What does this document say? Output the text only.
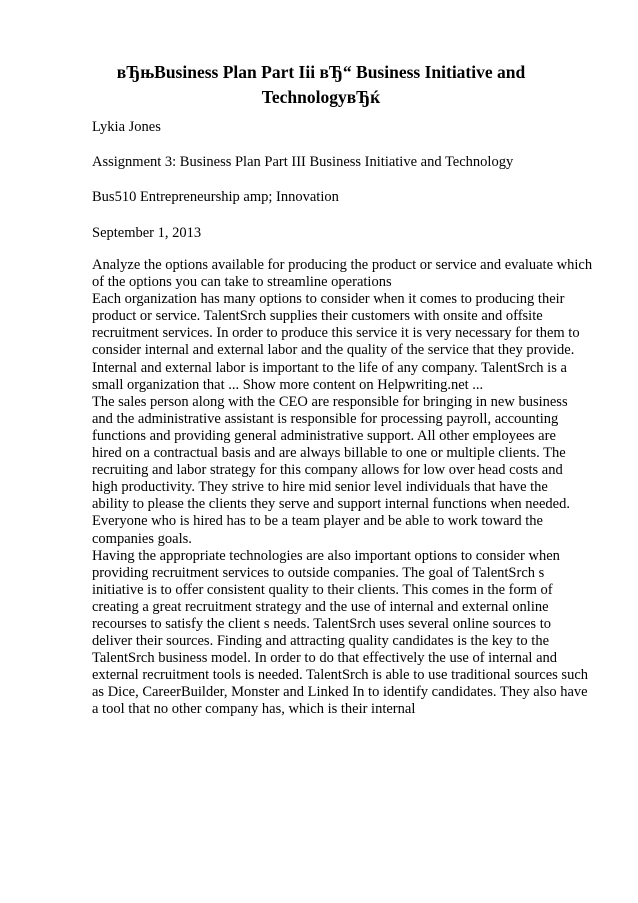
вЂњBusiness Plan Part Iii вЂ“ Business Initiative and
TechnologyвЂќ
Lykia Jones
Assignment 3: Business Plan Part III Business Initiative and Technology
Bus510 Entrepreneurship amp; Innovation
September 1, 2013
Analyze the options available for producing the product or service and evaluate which
of the options you can take to streamline operations
Each organization has many options to consider when it comes to producing their
product or service. TalentSrch supplies their customers with onsite and offsite
recruitment services. In order to produce this service it is very necessary for them to
consider internal and external labor and the quality of the service that they provide.
Internal and external labor is important to the life of any company. TalentSrch is a
small organization that ... Show more content on Helpwriting.net ...
The sales person along with the CEO are responsible for bringing in new business
and the administrative assistant is responsible for processing payroll, accounting
functions and providing general administrative support. All other employees are
hired on a contractual basis and are always billable to one or multiple clients. The
recruiting and labor strategy for this company allows for low over head costs and
high productivity. They strive to hire mid senior level individuals that have the
ability to please the clients they serve and support internal functions when needed.
Everyone who is hired has to be a team player and be able to work toward the
companies goals.
Having the appropriate technologies are also important options to consider when
providing recruitment services to outside companies. The goal of TalentSrch s
initiative is to offer consistent quality to their clients. This comes in the form of
creating a great recruitment strategy and the use of internal and external online
recourses to satisfy the client s needs. TalentSrch uses several online sources to
deliver their sources. Finding and attracting quality candidates is the key to the
TalentSrch business model. In order to do that effectively the use of internal and
external recruitment tools is needed. TalentSrch is able to use traditional sources such
as Dice, CareerBuilder, Monster and Linked In to identify candidates. They also have
a tool that no other company has, which is their internal
